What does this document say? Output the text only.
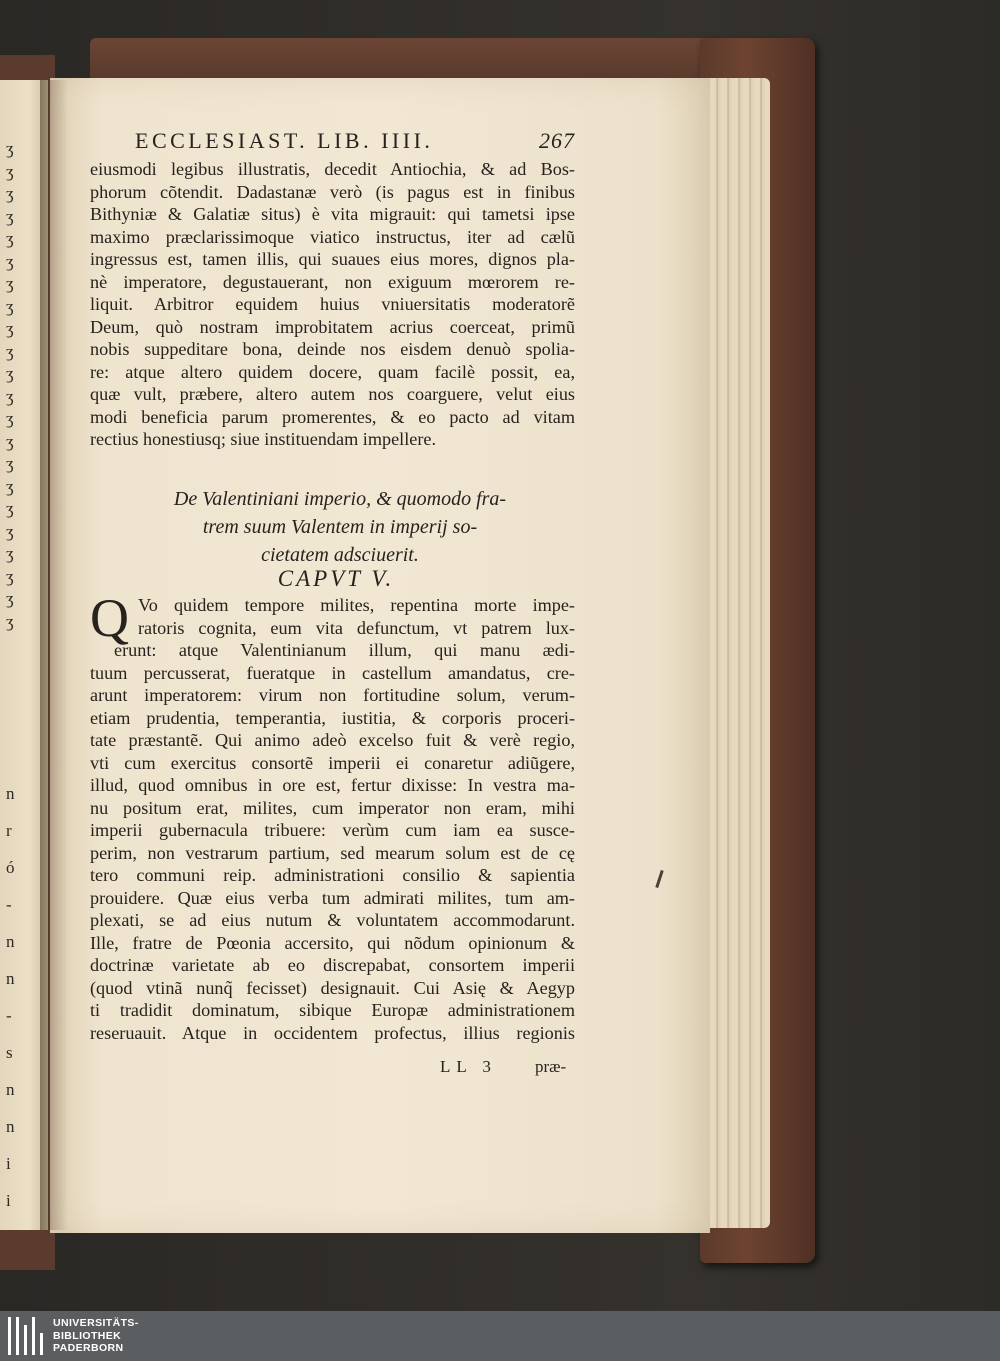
ʒ
ʒ
ʒ
ʒ
ʒ
ʒ
ʒ
ʒ
ʒ
ʒ
ʒ
ʒ
ʒ
ʒ
ʒ
ʒ
ʒ
ʒ
ʒ
ʒ
ʒ
ʒ
n
r
ó
-
n
n
-
s
n
n
i
i
ECCLESIAST. LIB. IIII.	267
eiusmodi legibus illustratis, decedit Antiochia, & ad Bos-
phorum cõtendit. Dadastanæ verò (is pagus est in finibus
Bithyniæ & Galatiæ situs) è vita migrauit: qui tametsi ipse
maximo præclarissimoque viatico instructus, iter ad cælũ
ingressus est, tamen illis, qui suaues eius mores, dignos pla-
nè imperatore, degustauerant, non exiguum mœrorem re-
liquit. Arbitror equidem huius vniuersitatis moderatorẽ
Deum, quò nostram improbitatem acrius coerceat, primũ
nobis suppeditare bona, deinde nos eisdem denuò spolia-
re: atque altero quidem docere, quam facilè possit, ea,
quæ vult, præbere, altero autem nos coarguere, velut eius
modi beneficia parum promerentes, & eo pacto ad vitam
rectius honestiusq; siue instituendam impellere.
De Valentiniani imperio, & quomodo fra-
trem suum Valentem in imperij so-
cietatem adsciuerit.
CAPVT V.
Q Vo quidem tempore milites, repentina morte impe-
ratoris cognita, eum vita defunctum, vt patrem lux-
erunt: atque Valentinianum illum, qui manu ædi-
tuum percusserat, fueratque in castellum amandatus, cre-
arunt imperatorem: virum non fortitudine solum, verum-
etiam prudentia, temperantia, iustitia, & corporis proceri-
tate præstantẽ. Qui animo adeò excelso fuit & verè regio,
vti cum exercitus consortẽ imperii ei conaretur adiũgere,
illud, quod omnibus in ore est, fertur dixisse: In vestra ma-
nu positum erat, milites, cum imperator non eram, mihi
imperii gubernacula tribuere: verùm cum iam ea susce-
perim, non vestrarum partium, sed mearum solum est de cę
tero communi reip. administrationi consilio & sapientia
prouidere. Quæ eius verba tum admirati milites, tum am-
plexati, se ad eius nutum & voluntatem accommodarunt.
Ille, fratre de Pœonia accersito, qui nõdum opinionum &
doctrinæ varietate ab eo discrepabat, consortem imperii
(quod vtinã nunq̃ fecisset) designauit. Cui Asię & Aegyp
ti tradidit dominatum, sibique Europæ administrationem
reseruauit. Atque in occidentem profectus, illius regionis
LL 3 præ-
UNIVERSITÄTS-
BIBLIOTHEK
PADERBORN
